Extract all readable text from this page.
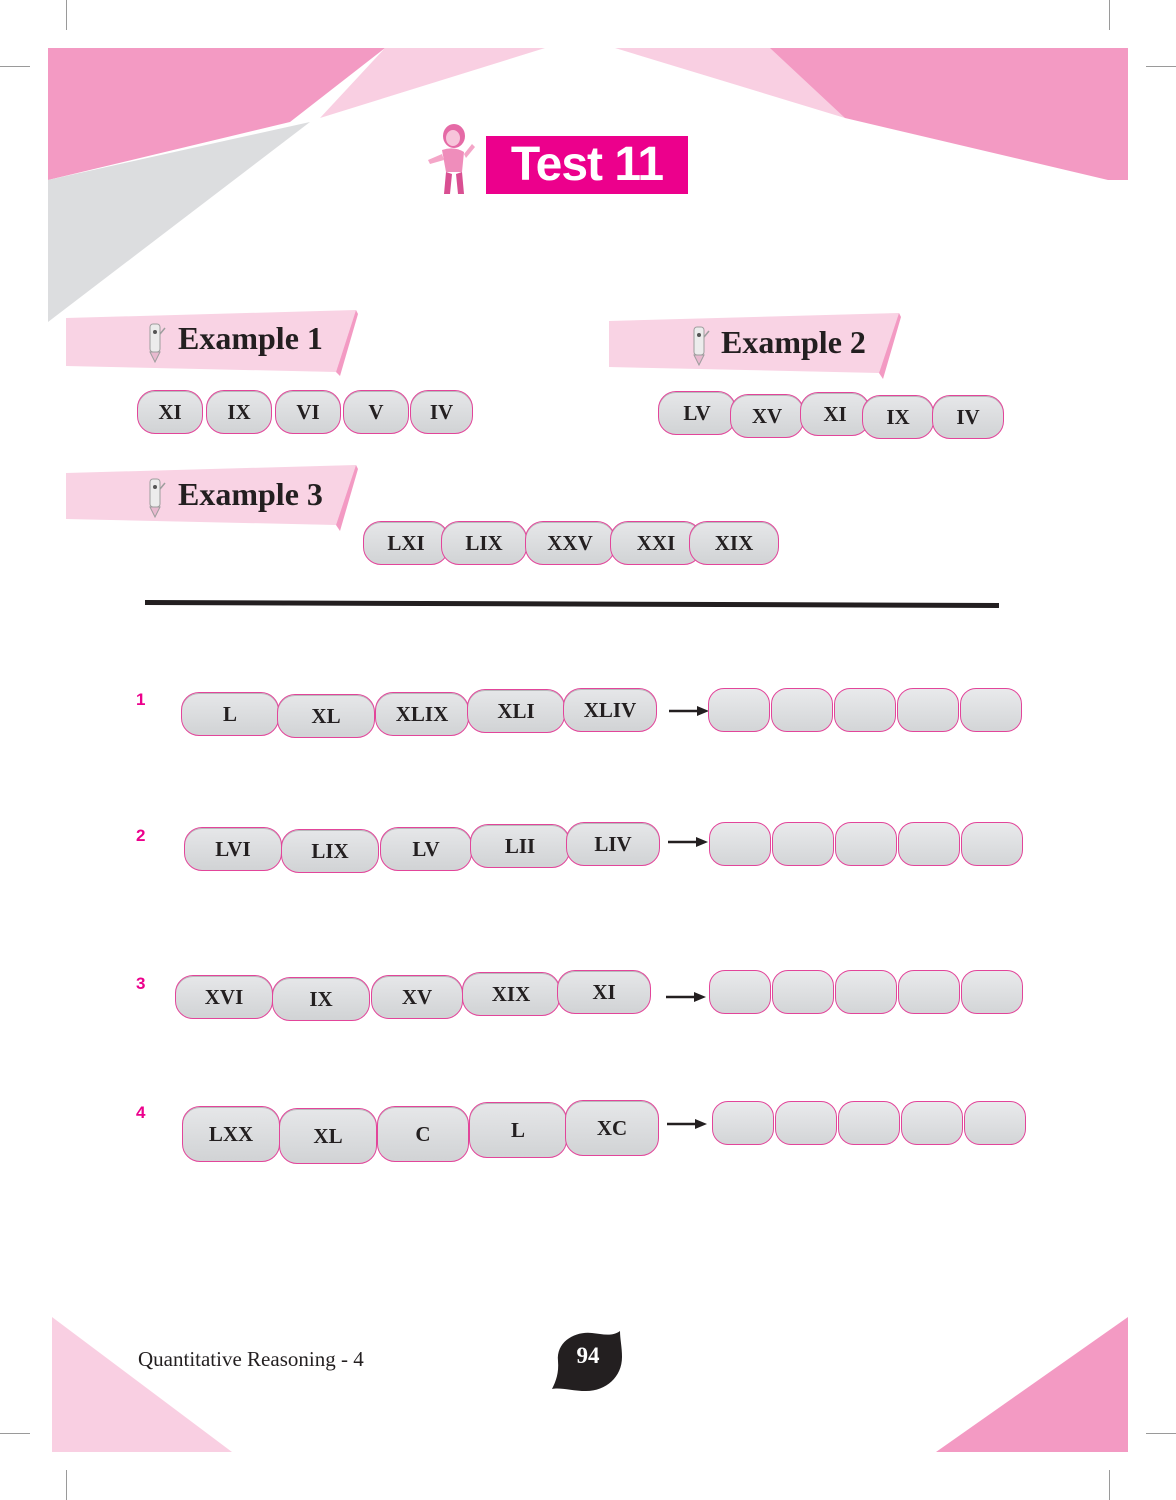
Test 11
Example 1
XI	IX	VI	V	IV
Example 2
LV	XV	XI	IX	IV
Example 3
LXI	LIX	XXV	XXI	XIX
1
L	XL	XLIX	XLI	XLIV
2
LVI	LIX	LV	LII	LIV
3
XVI	IX	XV	XIX	XI
4
LXX	XL	C	L	XC
Quantitative Reasoning - 4	94
